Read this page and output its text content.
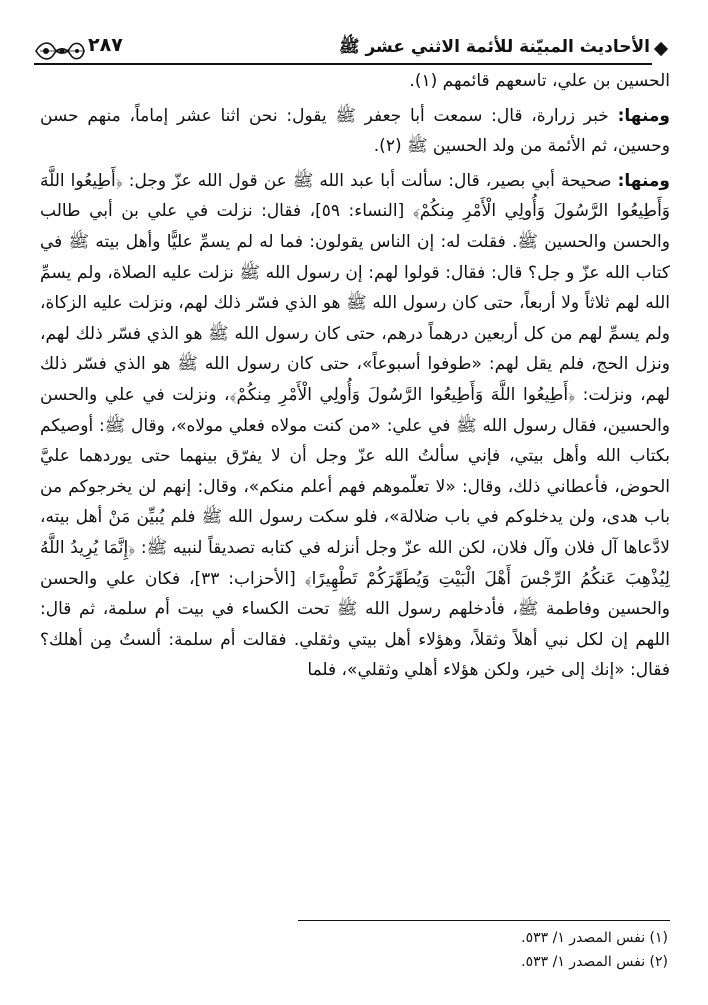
٢٨٧	الأحاديث المبيّنة للأئمة الاثني عشر ﷺ

الحسين بن علي، تاسعهم قائمهم (١).

ومنها: خبر زرارة، قال: سمعت أبا جعفر ﷺ يقول: نحن اثنا عشر إماماً، منهم حسن وحسين، ثم الأئمة من ولد الحسين ﷺ (٢).

ومنها: صحيحة أبي بصير، قال: سألت أبا عبد الله ﷺ عن قول الله عزّ وجل: ﴿أَطِيعُوا اللَّهَ وَأَطِيعُوا الرَّسُولَ وَأُولِي الْأَمْرِ مِنكُمْ﴾ [النساء: ٥٩]، فقال: نزلت في علي بن أبي طالب والحسن والحسين ﷺ. فقلت له: إن الناس يقولون: فما له لم يسمِّ عليًّا وأهل بيته ﷺ في كتاب الله عزّ و جل؟ قال: فقال: قولوا لهم: إن رسول الله ﷺ نزلت عليه الصلاة، ولم يسمِّ الله لهم ثلاثاً ولا أربعاً، حتى كان رسول الله ﷺ هو الذي فسّر ذلك لهم، ونزلت عليه الزكاة، ولم يسمِّ لهم من كل أربعين درهماً درهم، حتى كان رسول الله ﷺ هو الذي فسّر ذلك لهم، ونزل الحج، فلم يقل لهم: «طوفوا أسبوعاً»، حتى كان رسول الله ﷺ هو الذي فسّر ذلك لهم، ونزلت: ﴿أَطِيعُوا اللَّهَ وَأَطِيعُوا الرَّسُولَ وَأُولِي الْأَمْرِ مِنكُمْ﴾، ونزلت في علي والحسن والحسين، فقال رسول الله ﷺ في علي: «من كنت مولاه فعلي مولاه»، وقال ﷺ: أوصيكم بكتاب الله وأهل بيتي، فإني سألتُ الله عزّ وجل أن لا يفرّق بينهما حتى يوردهما عليَّ الحوض، فأعطاني ذلك، وقال: «لا تعلّموهم فهم أعلم منكم»، وقال: إنهم لن يخرجوكم من باب هدى، ولن يدخلوكم في باب ضلالة»، فلو سكت رسول الله ﷺ فلم يُبيِّن مَنْ أهل بيته، لادَّعاها آل فلان وآل فلان، لكن الله عزّ وجل أنزله في كتابه تصديقاً لنبيه ﷺ: ﴿إِنَّمَا يُرِيدُ اللَّهُ لِيُذْهِبَ عَنكُمُ الرِّجْسَ أَهْلَ الْبَيْتِ وَيُطَهِّرَكُمْ تَطْهِيرًا﴾ [الأحزاب: ٣٣]، فكان علي والحسن والحسين وفاطمة ﷺ، فأدخلهم رسول الله ﷺ تحت الكساء في بيت أم سلمة، ثم قال: اللهم إن لكل نبي أهلاً وثقلاً، وهؤلاء أهل بيتي وثقلي. فقالت أم سلمة: ألستُ مِن أهلك؟ فقال: «إنك إلى خير، ولكن هؤلاء أهلي وثقلي»، فلما

(١) نفس المصدر ١/ ٥٣٣.

(٢) نفس المصدر ١/ ٥٣٣.
